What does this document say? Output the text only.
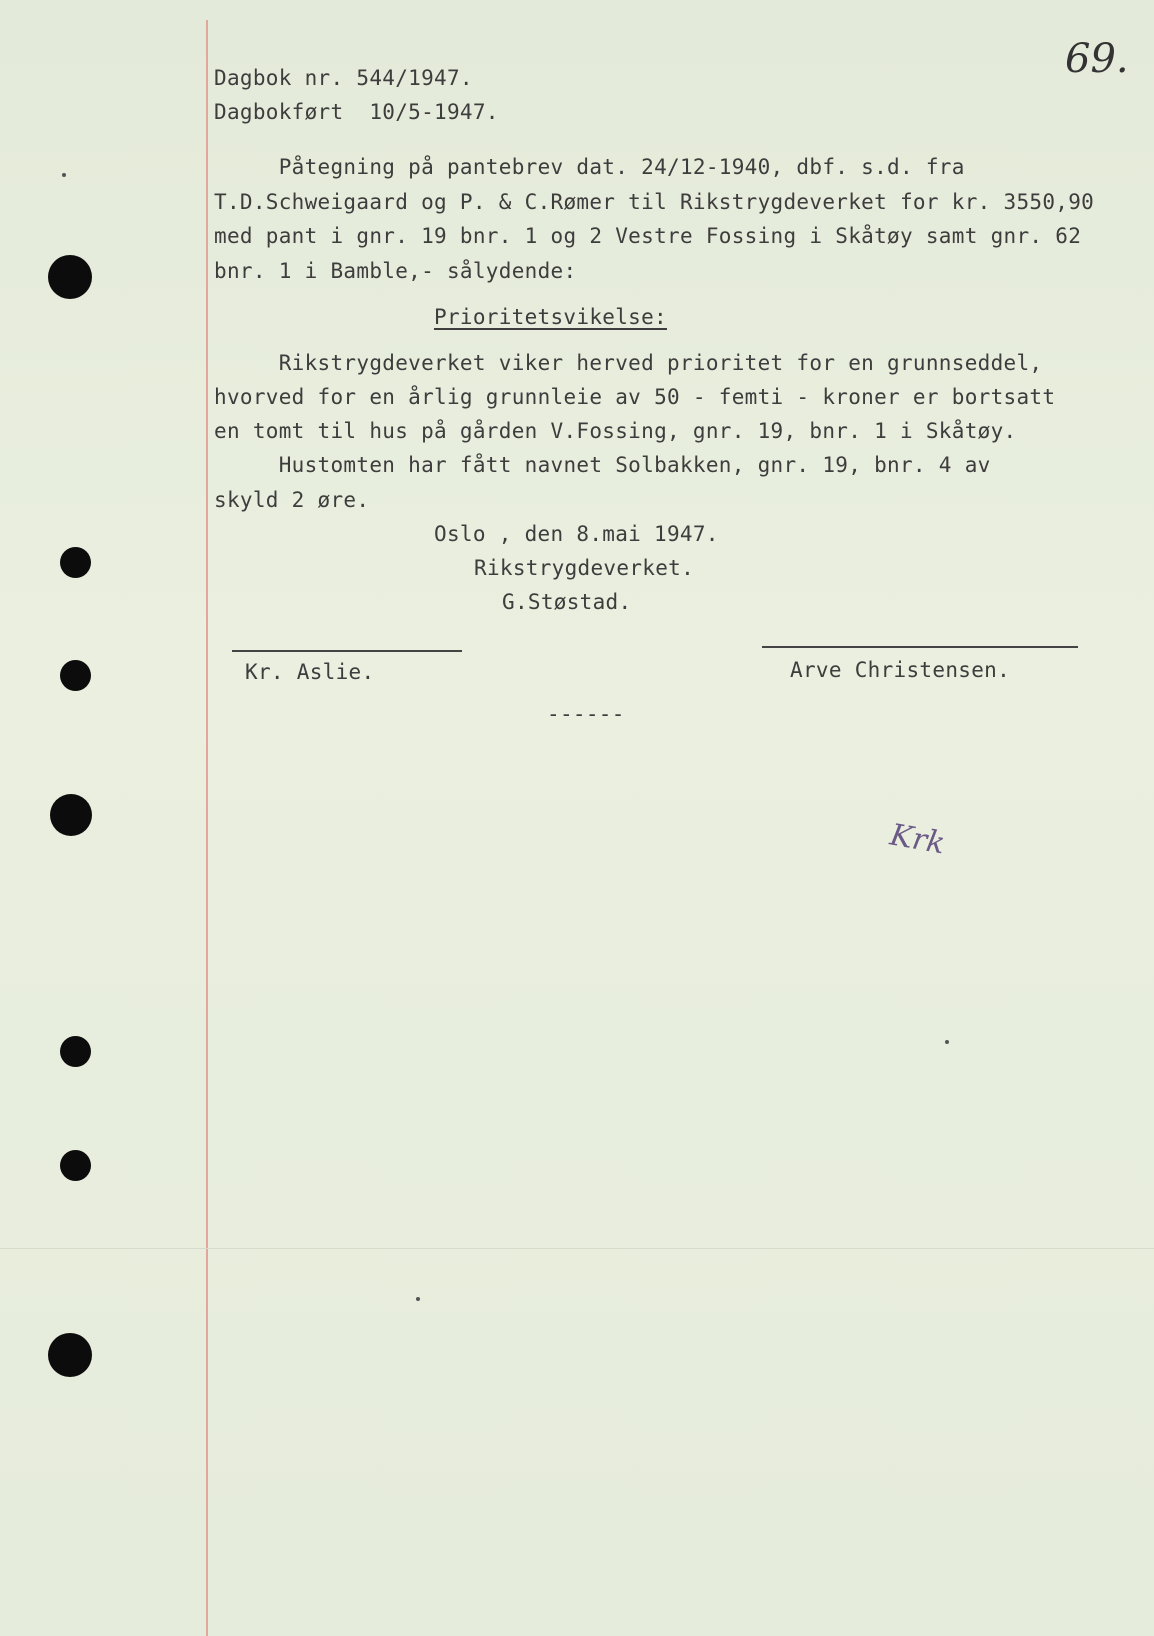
69.
Dagbok nr. 544/1947.
Dagbokført  10/5-1947.
Påtegning på pantebrev dat. 24/12-1940, dbf. s.d. fra
T.D.Schweigaard og P. & C.Rømer til Rikstrygdeverket for kr. 3550,90
med pant i gnr. 19 bnr. 1 og 2 Vestre Fossing i Skåtøy samt gnr. 62
bnr. 1 i Bamble,- sålydende:
Prioritetsvikelse:
Rikstrygdeverket viker herved prioritet for en grunnseddel,
hvorved for en årlig grunnleie av 50 - femti - kroner er bortsatt
en tomt til hus på gården V.Fossing, gnr. 19, bnr. 1 i Skåtøy.
Hustomten har fått navnet Solbakken, gnr. 19, bnr. 4 av
skyld 2 øre.
Oslo , den 8.mai 1947.
Rikstrygdeverket.
G.Støstad.
Kr. Aslie.	Arve Christensen.
------
Krk
